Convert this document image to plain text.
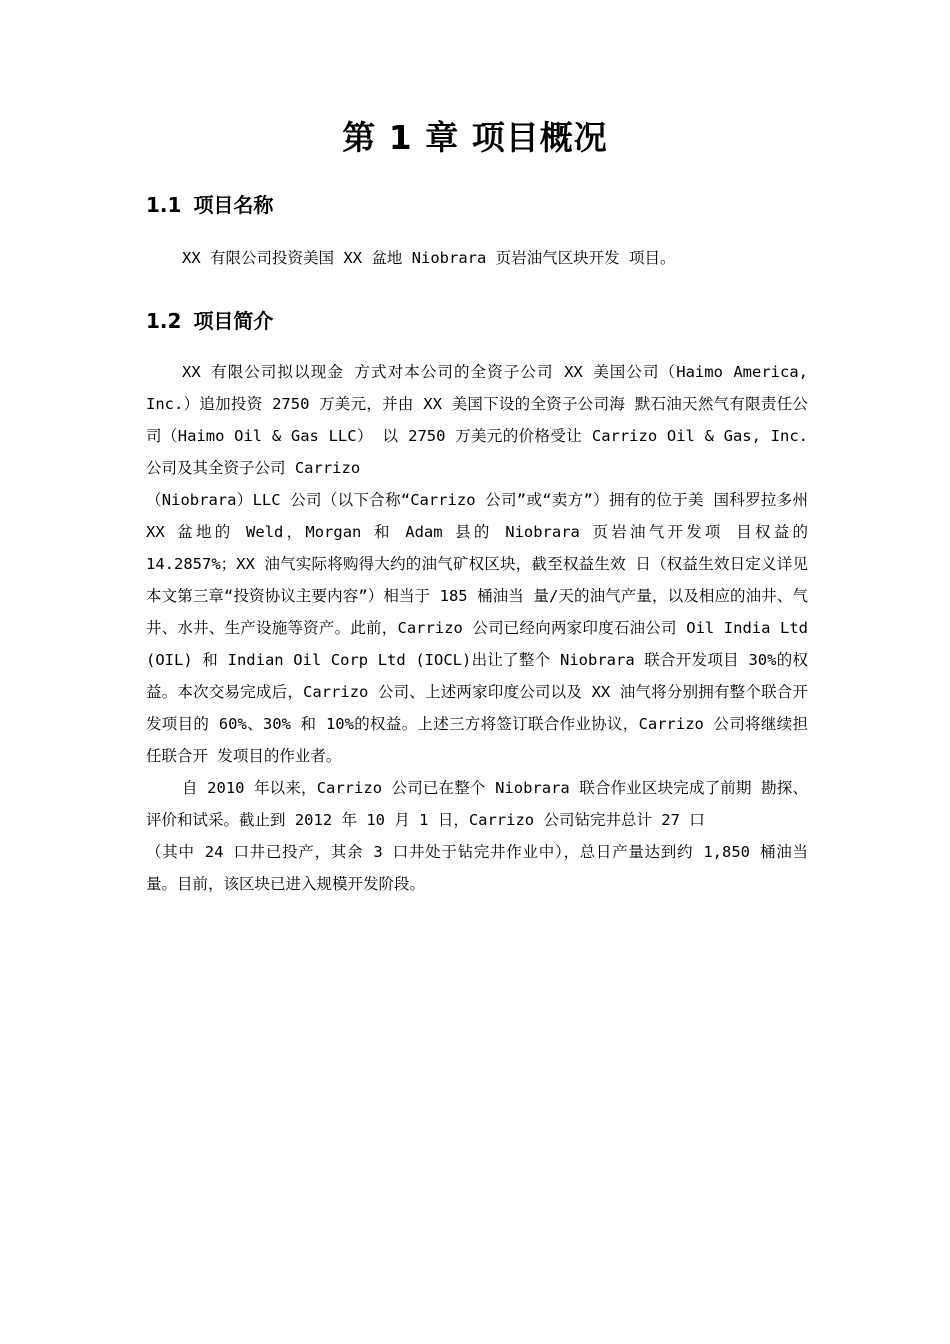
第 1 章 项目概况
1.1 项目名称

XX 有限公司投资美国 XX 盆地 Niobrara 页岩油气区块开发 项目。

1.2 项目简介

XX 有限公司拟以现金 方式对本公司的全资子公司 XX 美国公司（Haimo America, Inc.）追加投资 2750 万美元，并由 XX 美国下设的全资子公司海 默石油天然气有限责任公司（Haimo Oil & Gas LLC） 以 2750 万美元的价格受让 Carrizo Oil & Gas, Inc.公司及其全资子公司 Carrizo

（Niobrara）LLC 公司（以下合称“Carrizo 公司”或“卖方”）拥有的位于美 国科罗拉多州 XX 盆地的 Weld，Morgan 和 Adam 县的 Niobrara 页岩油气开发项 目权益的 14.2857%；XX 油气实际将购得大约的油气矿权区块，截至权益生效 日（权益生效日定义详见本文第三章“投资协议主要内容”）相当于 185 桶油当 量/天的油气产量，以及相应的油井、气井、水井、生产设施等资产。此前，Carrizo 公司已经向两家印度石油公司 Oil India Ltd (OIL) 和 Indian Oil Corp Ltd (IOCL)出让了整个 Niobrara 联合开发项目 30%的权益。本次交易完成后，Carrizo 公司、上述两家印度公司以及 XX 油气将分别拥有整个联合开发项目的 60%、30% 和 10%的权益。上述三方将签订联合作业协议，Carrizo 公司将继续担任联合开 发项目的作业者。

自 2010 年以来，Carrizo 公司已在整个 Niobrara 联合作业区块完成了前期 勘探、评价和试采。截止到 2012 年 10 月 1 日，Carrizo 公司钻完井总计 27 口

（其中 24 口井已投产，其余 3 口井处于钻完井作业中），总日产量达到约 1,850 桶油当量。目前，该区块已进入规模开发阶段。
